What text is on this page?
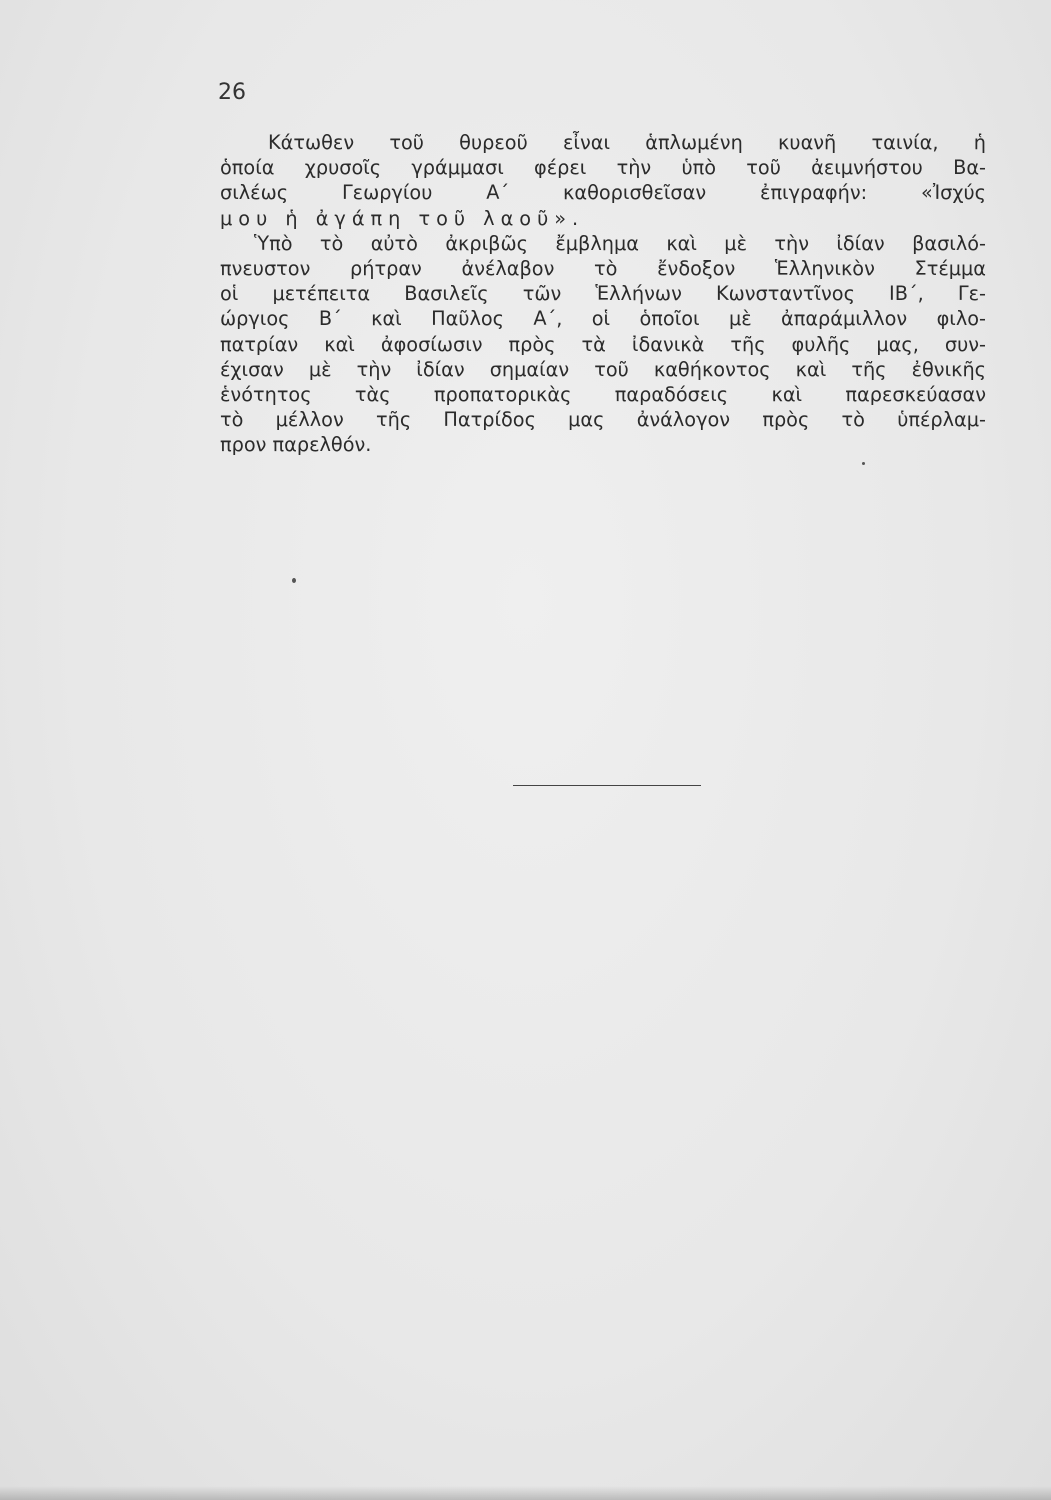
26
Κάτωθεν τοῦ θυρεοῦ εἶναι ἁπλωμένη κυανῆ ταινία, ἡ
ὁποία χρυσοῖς γράμμασι φέρει τὴν ὑπὸ τοῦ ἀειμνήστου Βα-
σιλέως Γεωργίου Α΄ καθορισθεῖσαν ἐπιγραφήν: «Ἰσχύς
μου ἡ ἀγάπη τοῦ λαοῦ».
Ὑπὸ τὸ αὐτὸ ἀκριβῶς ἔμβλημα καὶ μὲ τὴν ἰδίαν βασιλό-
πνευστον ρήτραν ἀνέλαβον τὸ ἔνδοξον Ἑλληνικὸν Στέμμα
οἱ μετέπειτα Βασιλεῖς τῶν Ἑλλήνων Κωνσταντῖνος ΙΒ΄, Γε-
ώργιος Β΄ καὶ Παῦλος Α΄, οἱ ὁποῖοι μὲ ἀπαράμιλλον φιλο-
πατρίαν καὶ ἀφοσίωσιν πρὸς τὰ ἰδανικὰ τῆς φυλῆς μας, συν-
έχισαν μὲ τὴν ἰδίαν σημαίαν τοῦ καθήκοντος καὶ τῆς ἐθνικῆς
ἑνότητος τὰς προπατορικὰς παραδόσεις καὶ παρεσκεύασαν
τὸ μέλλον τῆς Πατρίδος μας ἀνάλογον πρὸς τὸ ὑπέρλαμ-
προν παρελθόν.
